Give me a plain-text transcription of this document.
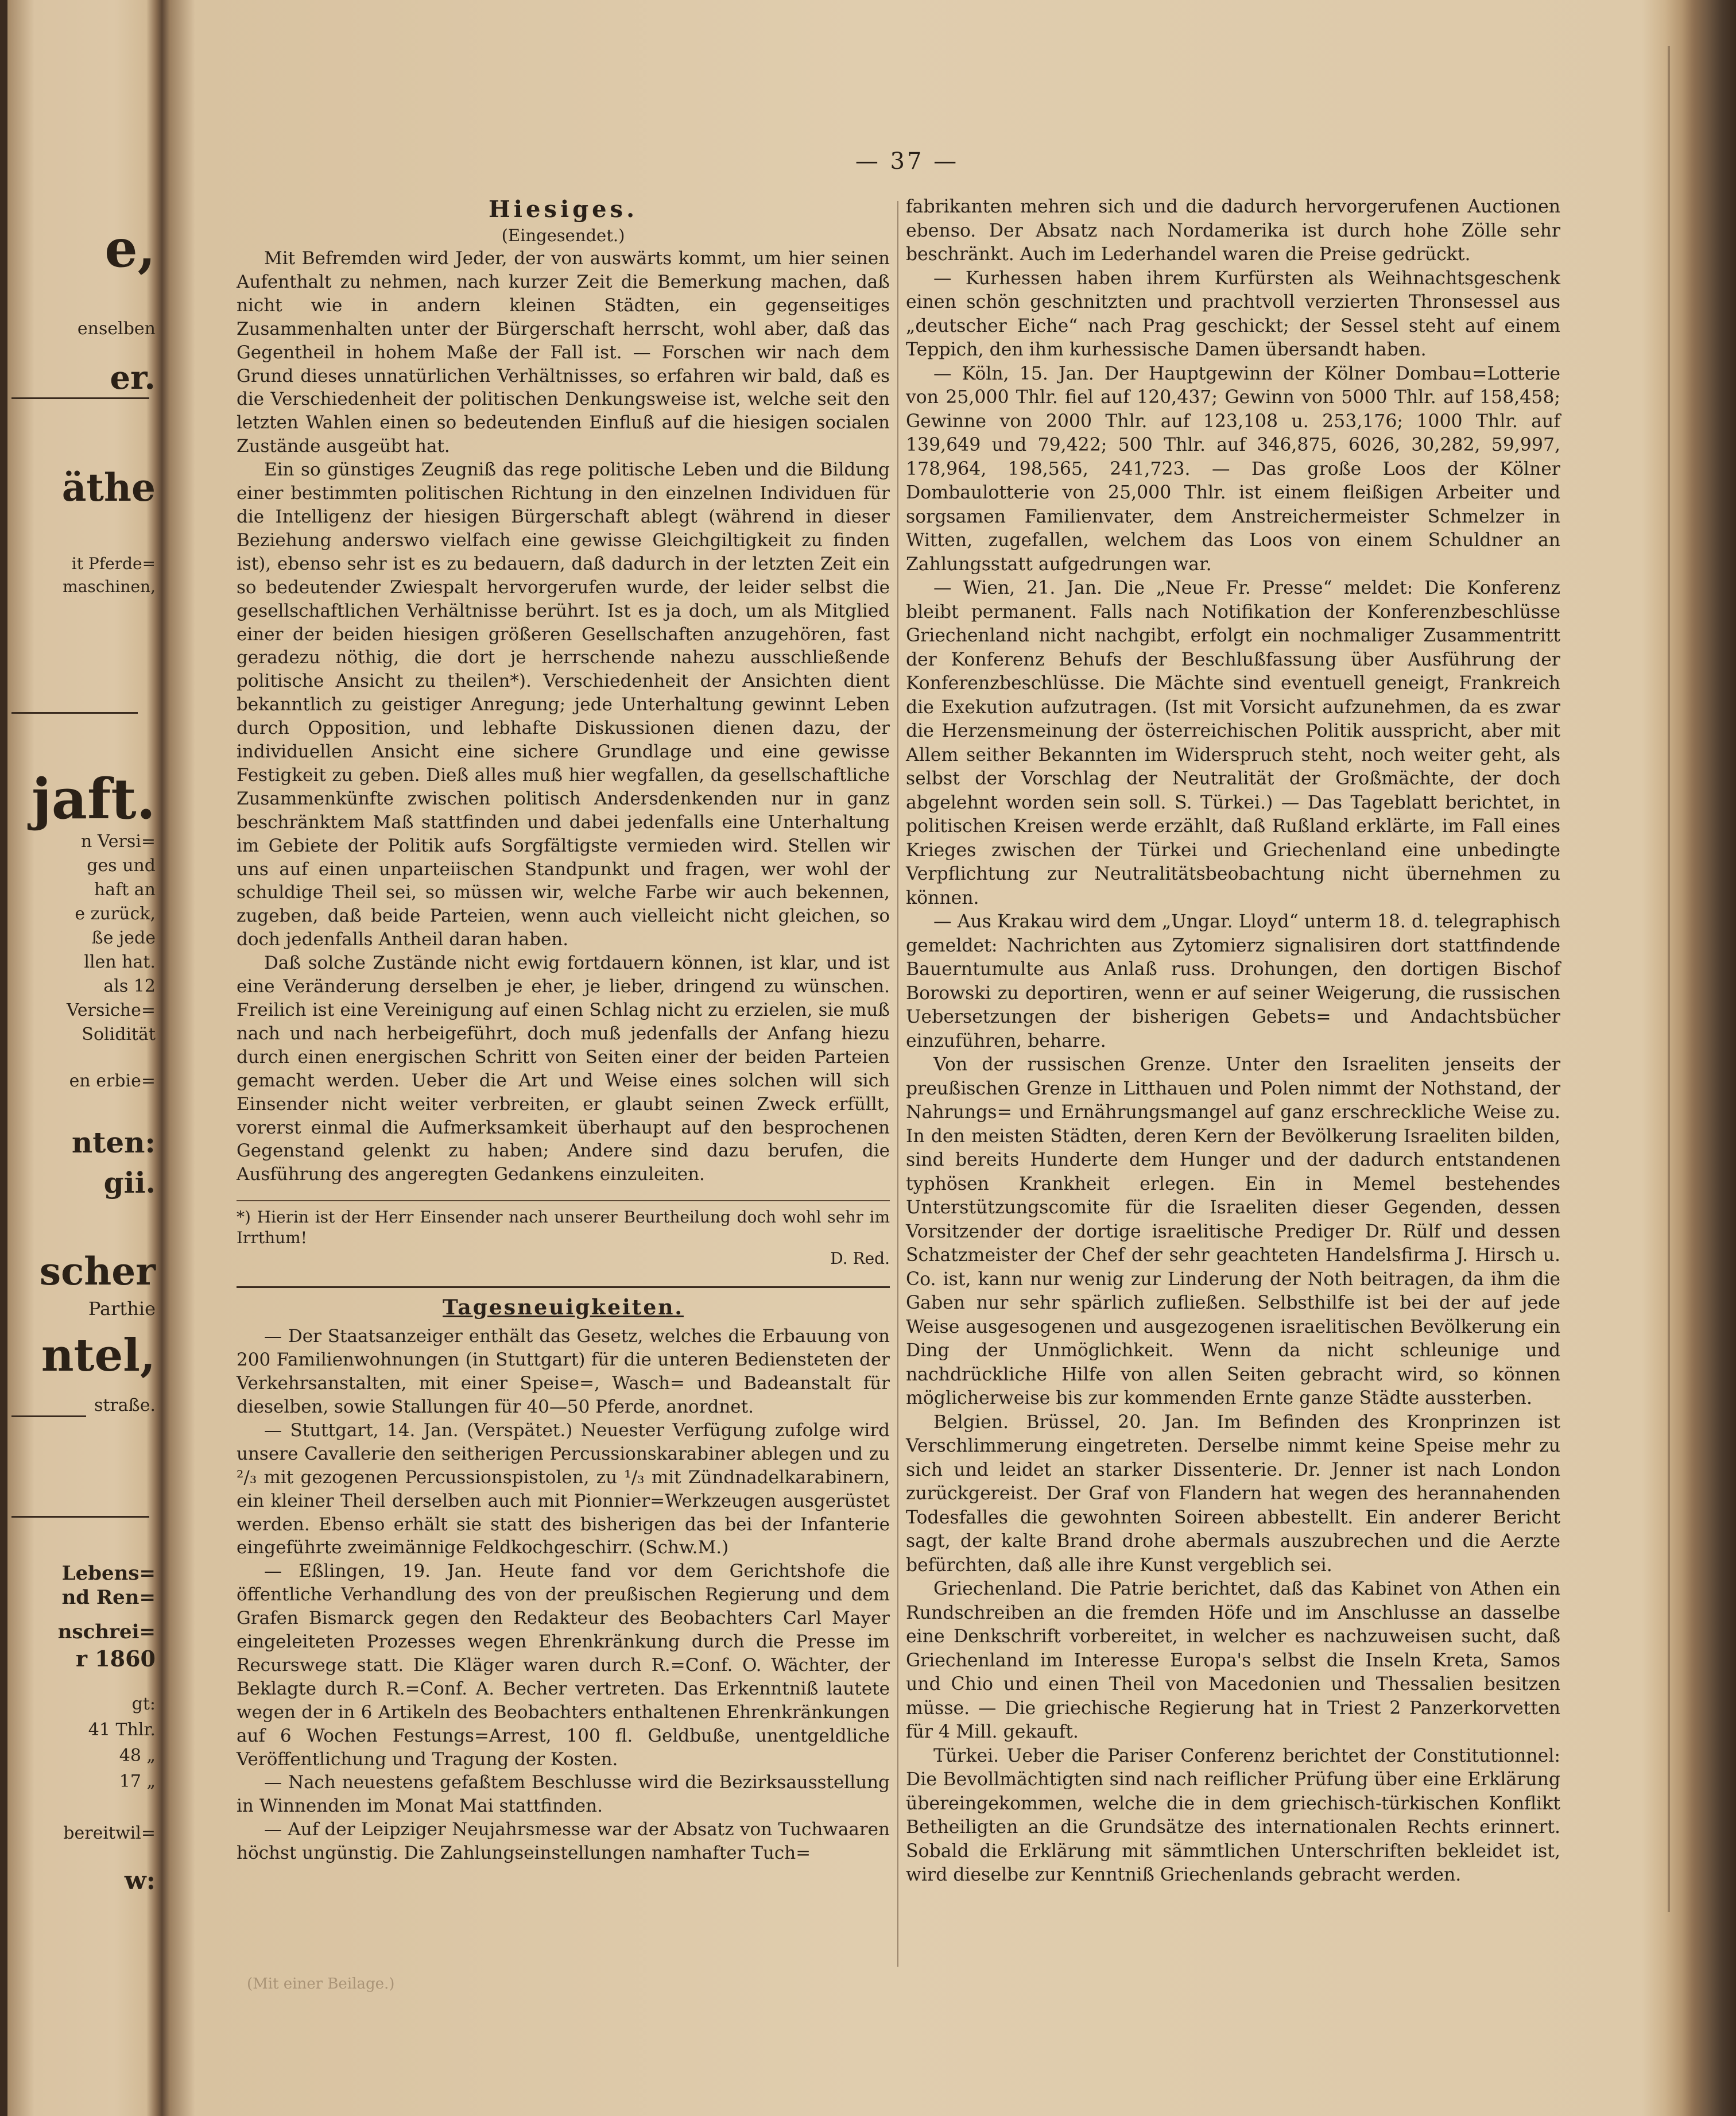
e,
enselben
er.
äthe
it Pferde=
maschinen,
jaft.
n Versi=
ges und
haft an
e zurück,
ße jede
llen hat.
als 12
Versiche=
Solidität
en erbie=
nten:
gii.
scher
Parthie
ntel,
straße.
Lebens=
nd Ren=
nschrei=
r 1860
gt:
41 Thlr.
48 „
17 „
bereitwil=
w:
— 37 —
Hiesiges.
(Eingesendet.)

Mit Befremden wird Jeder, der von auswärts kommt, um hier seinen Aufenthalt zu nehmen, nach kurzer Zeit die Bemerkung machen, daß nicht wie in andern kleinen Städten, ein gegenseitiges Zusammenhalten unter der Bürgerschaft herrscht, wohl aber, daß das Gegentheil in hohem Maße der Fall ist. — Forschen wir nach dem Grund dieses unnatürlichen Verhältnisses, so erfahren wir bald, daß es die Verschiedenheit der politischen Denkungsweise ist, welche seit den letzten Wahlen einen so bedeutenden Einfluß auf die hiesigen socialen Zustände ausgeübt hat.

Ein so günstiges Zeugniß das rege politische Leben und die Bildung einer bestimmten politischen Richtung in den einzelnen Individuen für die Intelligenz der hiesigen Bürgerschaft ablegt (während in dieser Beziehung anderswo vielfach eine gewisse Gleichgiltigkeit zu finden ist), ebenso sehr ist es zu bedauern, daß dadurch in der letzten Zeit ein so bedeutender Zwiespalt hervorgerufen wurde, der leider selbst die gesellschaftlichen Verhältnisse berührt. Ist es ja doch, um als Mitglied einer der beiden hiesigen größeren Gesellschaften anzugehören, fast geradezu nöthig, die dort je herrschende nahezu ausschließende politische Ansicht zu theilen*). Verschiedenheit der Ansichten dient bekanntlich zu geistiger Anregung; jede Unterhaltung gewinnt Leben durch Opposition, und lebhafte Diskussionen dienen dazu, der individuellen Ansicht eine sichere Grundlage und eine gewisse Festigkeit zu geben. Dieß alles muß hier wegfallen, da gesellschaftliche Zusammenkünfte zwischen politisch Andersdenkenden nur in ganz beschränktem Maß stattfinden und dabei jedenfalls eine Unterhaltung im Gebiete der Politik aufs Sorgfältigste vermieden wird. Stellen wir uns auf einen unparteiischen Standpunkt und fragen, wer wohl der schuldige Theil sei, so müssen wir, welche Farbe wir auch bekennen, zugeben, daß beide Parteien, wenn auch vielleicht nicht gleichen, so doch jedenfalls Antheil daran haben.

Daß solche Zustände nicht ewig fortdauern können, ist klar, und ist eine Veränderung derselben je eher, je lieber, dringend zu wünschen. Freilich ist eine Vereinigung auf einen Schlag nicht zu erzielen, sie muß nach und nach herbeigeführt, doch muß jedenfalls der Anfang hiezu durch einen energischen Schritt von Seiten einer der beiden Parteien gemacht werden. Ueber die Art und Weise eines solchen will sich Einsender nicht weiter verbreiten, er glaubt seinen Zweck erfüllt, vorerst einmal die Aufmerksamkeit überhaupt auf den besprochenen Gegenstand gelenkt zu haben; Andere sind dazu berufen, die Ausführung des angeregten Gedankens einzuleiten.

*) Hierin ist der Herr Einsender nach unserer Beurtheilung doch wohl sehr im Irrthum!
D. Red.
Tagesneuigkeiten.

— Der Staatsanzeiger enthält das Gesetz, welches die Erbauung von 200 Familienwohnungen (in Stuttgart) für die unteren Bediensteten der Verkehrsanstalten, mit einer Speise=, Wasch= und Badeanstalt für dieselben, sowie Stallungen für 40—50 Pferde, anordnet.

— Stuttgart, 14. Jan. (Verspätet.) Neuester Verfügung zufolge wird unsere Cavallerie den seitherigen Percussionskarabiner ablegen und zu ²/₃ mit gezogenen Percussionspistolen, zu ¹/₃ mit Zündnadelkarabinern, ein kleiner Theil derselben auch mit Pionnier=Werkzeugen ausgerüstet werden. Ebenso erhält sie statt des bisherigen das bei der Infanterie eingeführte zweimännige Feldkochgeschirr. (Schw.M.)

— Eßlingen, 19. Jan. Heute fand vor dem Gerichtshofe die öffentliche Verhandlung des von der preußischen Regierung und dem Grafen Bismarck gegen den Redakteur des Beobachters Carl Mayer eingeleiteten Prozesses wegen Ehrenkränkung durch die Presse im Recurswege statt. Die Kläger waren durch R.=Conf. O. Wächter, der Beklagte durch R.=Conf. A. Becher vertreten. Das Erkenntniß lautete wegen der in 6 Artikeln des Beobachters enthaltenen Ehrenkränkungen auf 6 Wochen Festungs=Arrest, 100 fl. Geldbuße, unentgeldliche Veröffentlichung und Tragung der Kosten.

— Nach neuestens gefaßtem Beschlusse wird die Bezirksausstellung in Winnenden im Monat Mai stattfinden.

— Auf der Leipziger Neujahrsmesse war der Absatz von Tuchwaaren höchst ungünstig. Die Zahlungseinstellungen namhafter Tuch=

fabrikanten mehren sich und die dadurch hervorgerufenen Auctionen ebenso. Der Absatz nach Nordamerika ist durch hohe Zölle sehr beschränkt. Auch im Lederhandel waren die Preise gedrückt.

— Kurhessen haben ihrem Kurfürsten als Weihnachtsgeschenk einen schön geschnitzten und prachtvoll verzierten Thronsessel aus „deutscher Eiche“ nach Prag geschickt; der Sessel steht auf einem Teppich, den ihm kurhessische Damen übersandt haben.

— Köln, 15. Jan. Der Hauptgewinn der Kölner Dombau=Lotterie von 25,000 Thlr. fiel auf 120,437; Gewinn von 5000 Thlr. auf 158,458; Gewinne von 2000 Thlr. auf 123,108 u. 253,176; 1000 Thlr. auf 139,649 und 79,422; 500 Thlr. auf 346,875, 6026, 30,282, 59,997, 178,964, 198,565, 241,723. — Das große Loos der Kölner Dombaulotterie von 25,000 Thlr. ist einem fleißigen Arbeiter und sorgsamen Familienvater, dem Anstreichermeister Schmelzer in Witten, zugefallen, welchem das Loos von einem Schuldner an Zahlungsstatt aufgedrungen war.

— Wien, 21. Jan. Die „Neue Fr. Presse“ meldet: Die Konferenz bleibt permanent. Falls nach Notifikation der Konferenzbeschlüsse Griechenland nicht nachgibt, erfolgt ein nochmaliger Zusammentritt der Konferenz Behufs der Beschlußfassung über Ausführung der Konferenzbeschlüsse. Die Mächte sind eventuell geneigt, Frankreich die Exekution aufzutragen. (Ist mit Vorsicht aufzunehmen, da es zwar die Herzensmeinung der österreichischen Politik ausspricht, aber mit Allem seither Bekannten im Widerspruch steht, noch weiter geht, als selbst der Vorschlag der Neutralität der Großmächte, der doch abgelehnt worden sein soll. S. Türkei.) — Das Tageblatt berichtet, in politischen Kreisen werde erzählt, daß Rußland erklärte, im Fall eines Krieges zwischen der Türkei und Griechenland eine unbedingte Verpflichtung zur Neutralitätsbeobachtung nicht übernehmen zu können.

— Aus Krakau wird dem „Ungar. Lloyd“ unterm 18. d. telegraphisch gemeldet: Nachrichten aus Zytomierz signalisiren dort stattfindende Bauerntumulte aus Anlaß russ. Drohungen, den dortigen Bischof Borowski zu deportiren, wenn er auf seiner Weigerung, die russischen Uebersetzungen der bisherigen Gebets= und Andachtsbücher einzuführen, beharre.

Von der russischen Grenze. Unter den Israeliten jenseits der preußischen Grenze in Litthauen und Polen nimmt der Nothstand, der Nahrungs= und Ernährungsmangel auf ganz erschreckliche Weise zu. In den meisten Städten, deren Kern der Bevölkerung Israeliten bilden, sind bereits Hunderte dem Hunger und der dadurch entstandenen typhösen Krankheit erlegen. Ein in Memel bestehendes Unterstützungscomite für die Israeliten dieser Gegenden, dessen Vorsitzender der dortige israelitische Prediger Dr. Rülf und dessen Schatzmeister der Chef der sehr geachteten Handelsfirma J. Hirsch u. Co. ist, kann nur wenig zur Linderung der Noth beitragen, da ihm die Gaben nur sehr spärlich zufließen. Selbsthilfe ist bei der auf jede Weise ausgesogenen und ausgezogenen israelitischen Bevölkerung ein Ding der Unmöglichkeit. Wenn da nicht schleunige und nachdrückliche Hilfe von allen Seiten gebracht wird, so können möglicherweise bis zur kommenden Ernte ganze Städte aussterben.

Belgien. Brüssel, 20. Jan. Im Befinden des Kronprinzen ist Verschlimmerung eingetreten. Derselbe nimmt keine Speise mehr zu sich und leidet an starker Dissenterie. Dr. Jenner ist nach London zurückgereist. Der Graf von Flandern hat wegen des herannahenden Todesfalles die gewohnten Soireen abbestellt. Ein anderer Bericht sagt, der kalte Brand drohe abermals auszubrechen und die Aerzte befürchten, daß alle ihre Kunst vergeblich sei.

Griechenland. Die Patrie berichtet, daß das Kabinet von Athen ein Rundschreiben an die fremden Höfe und im Anschlusse an dasselbe eine Denkschrift vorbereitet, in welcher es nachzuweisen sucht, daß Griechenland im Interesse Europa's selbst die Inseln Kreta, Samos und Chio und einen Theil von Macedonien und Thessalien besitzen müsse. — Die griechische Regierung hat in Triest 2 Panzerkorvetten für 4 Mill. gekauft.

Türkei. Ueber die Pariser Conferenz berichtet der Constitutionnel: Die Bevollmächtigten sind nach reiflicher Prüfung über eine Erklärung übereingekommen, welche die in dem griechisch-türkischen Konflikt Betheiligten an die Grundsätze des internationalen Rechts erinnert. Sobald die Erklärung mit sämmtlichen Unterschriften bekleidet ist, wird dieselbe zur Kenntniß Griechenlands gebracht werden.

(Mit einer Beilage.)
